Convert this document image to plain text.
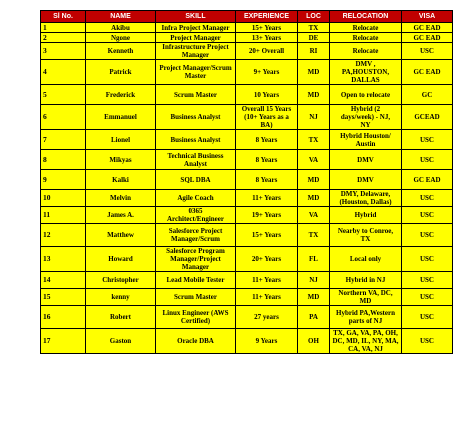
Sl No.	NAME	SKILL	EXPERIENCE	LOC	RELOCATION	VISA
1	Akibu	Infra Project Manager	15+ Years	TX	Relocate	GC EAD
2	Ngone	Project Manager	13+ Years	DE	Relocate	GC EAD
3	Kenneth	Infrastructure Project
Manager	20+ Overall	RI	Relocate	USC
4	Patrick	Project Manager/Scrum
Master	9+ Years	MD	DMV ,
PA,HOUSTON,
DALLAS	GC EAD
5	Frederick	Scrum Master	10 Years	MD	Open to relocate	GC
6	Emmanuel	Business Analyst	Overall 15 Years
(10+ Years as a
BA)	NJ	Hybrid (2
days/week) - NJ,
NY	GCEAD
7	Lionel	Business Analyst	8 Years	TX	Hybrid Houston/
Austin	USC
8	Mikyas	Technical Business
Analyst	8 Years	VA	DMV	USC
9	Kalki	SQL DBA	8 Years	MD	DMV	GC EAD
10	Melvin	Agile Coach	11+ Years	MD	DMY, Delaware,
(Houston, Dallas)	USC
11	James A.	0365
Architect/Engineer	19+ Years	VA	Hybrid	USC
12	Matthew	Salesforce Project
Manager/Scrum	15+ Years	TX	Nearby to Conroe,
TX	USC
13	Howard	Salesforce Program
Manager/Project
Manager	20+ Years	FL	Local only	USC
14	Christopher	Lead Mobile Tester	11+ Years	NJ	Hybrid in NJ	USC
15	kenny	Scrum Master	11+ Years	MD	Northern VA, DC,
MD	USC
16	Robert	Linux Engineer (AWS
Certified)	27 years	PA	Hybrid PA,Western
parts of NJ	USC
17	Gaston	Oracle DBA	9 Years	OH	TX, GA, VA, PA, OH,
DC, MD, IL, NY, MA,
CA, VA, NJ	USC
